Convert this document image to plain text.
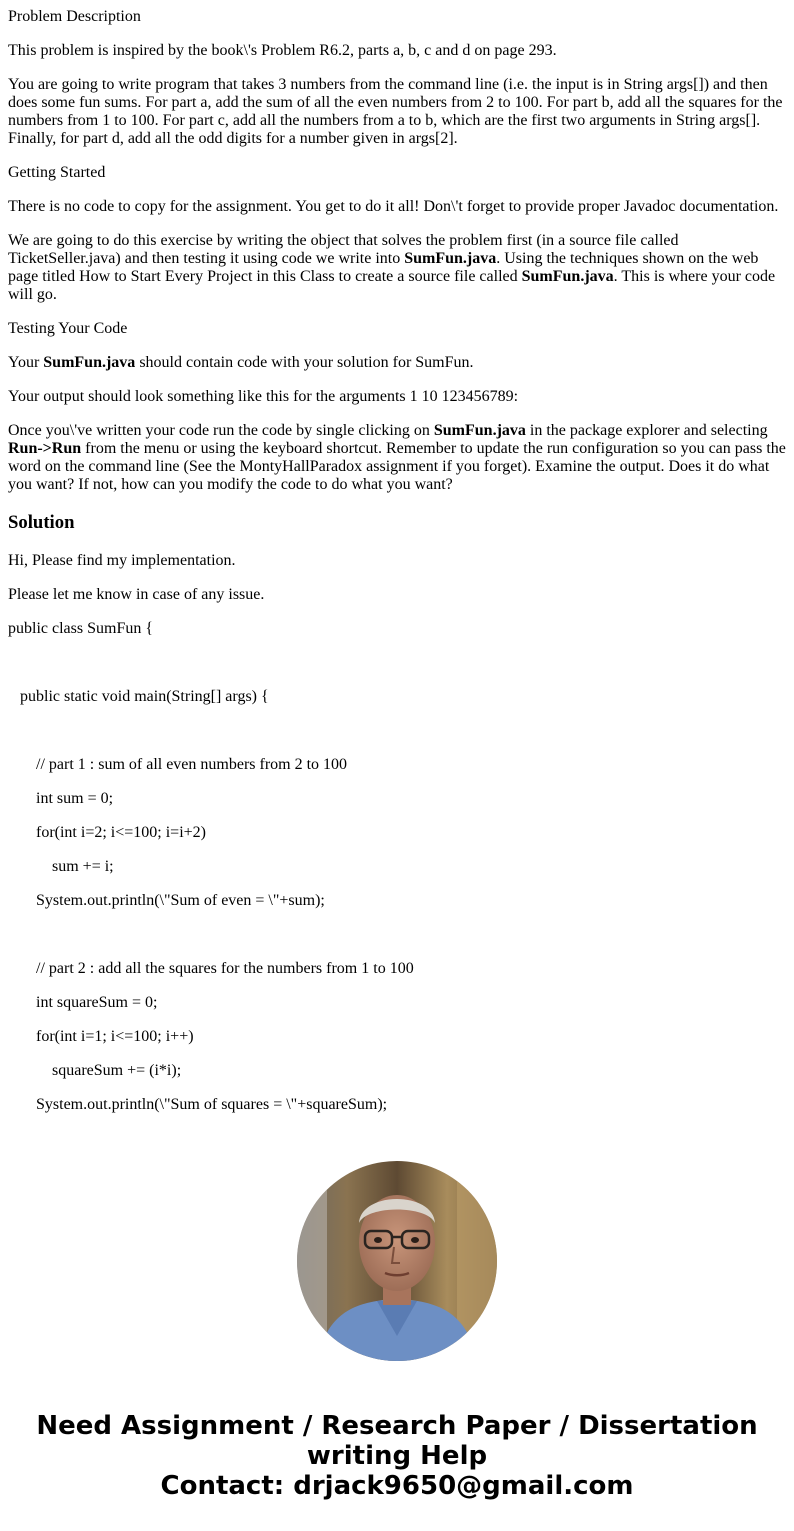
Problem Description

This problem is inspired by the book\'s Problem R6.2, parts a, b, c and d on page 293.

You are going to write program that takes 3 numbers from the command line (i.e. the input is in String args[]) and then does some fun sums. For part a, add the sum of all the even numbers from 2 to 100. For part b, add all the squares for the numbers from 1 to 100. For part c, add all the numbers from a to b, which are the first two arguments in String args[]. Finally, for part d, add all the odd digits for a number given in args[2].

Getting Started

There is no code to copy for the assignment. You get to do it all! Don\'t forget to provide proper Javadoc documentation.

We are going to do this exercise by writing the object that solves the problem first (in a source file called TicketSeller.java) and then testing it using code we write into SumFun.java. Using the techniques shown on the web page titled How to Start Every Project in this Class to create a source file called SumFun.java. This is where your code will go.

Testing Your Code

Your SumFun.java should contain code with your solution for SumFun.

Your output should look something like this for the arguments 1 10 123456789:

Once you\'ve written your code run the code by single clicking on SumFun.java in the package explorer and selecting Run->Run from the menu or using the keyboard shortcut. Remember to update the run configuration so you can pass the word on the command line (See the MontyHallParadox assignment if you forget). Examine the output. Does it do what you want? If not, how can you modify the code to do what you want?

Solution

Hi, Please find my implementation.

Please let me know in case of any issue.

public class SumFun {

public static void main(String[] args) {

// part 1 : sum of all even numbers from 2 to 100

int sum = 0;

for(int i=2; i<=100; i=i+2)

sum += i;

System.out.println(\"Sum of even = \"+sum);

// part 2 : add all the squares for the numbers from 1 to 100

int squareSum = 0;

for(int i=1; i<=100; i++)

squareSum += (i*i);

System.out.println(\"Sum of squares = \"+squareSum);

Need Assignment / Research Paper / Dissertation
writing Help
Contact: drjack9650@gmail.com
